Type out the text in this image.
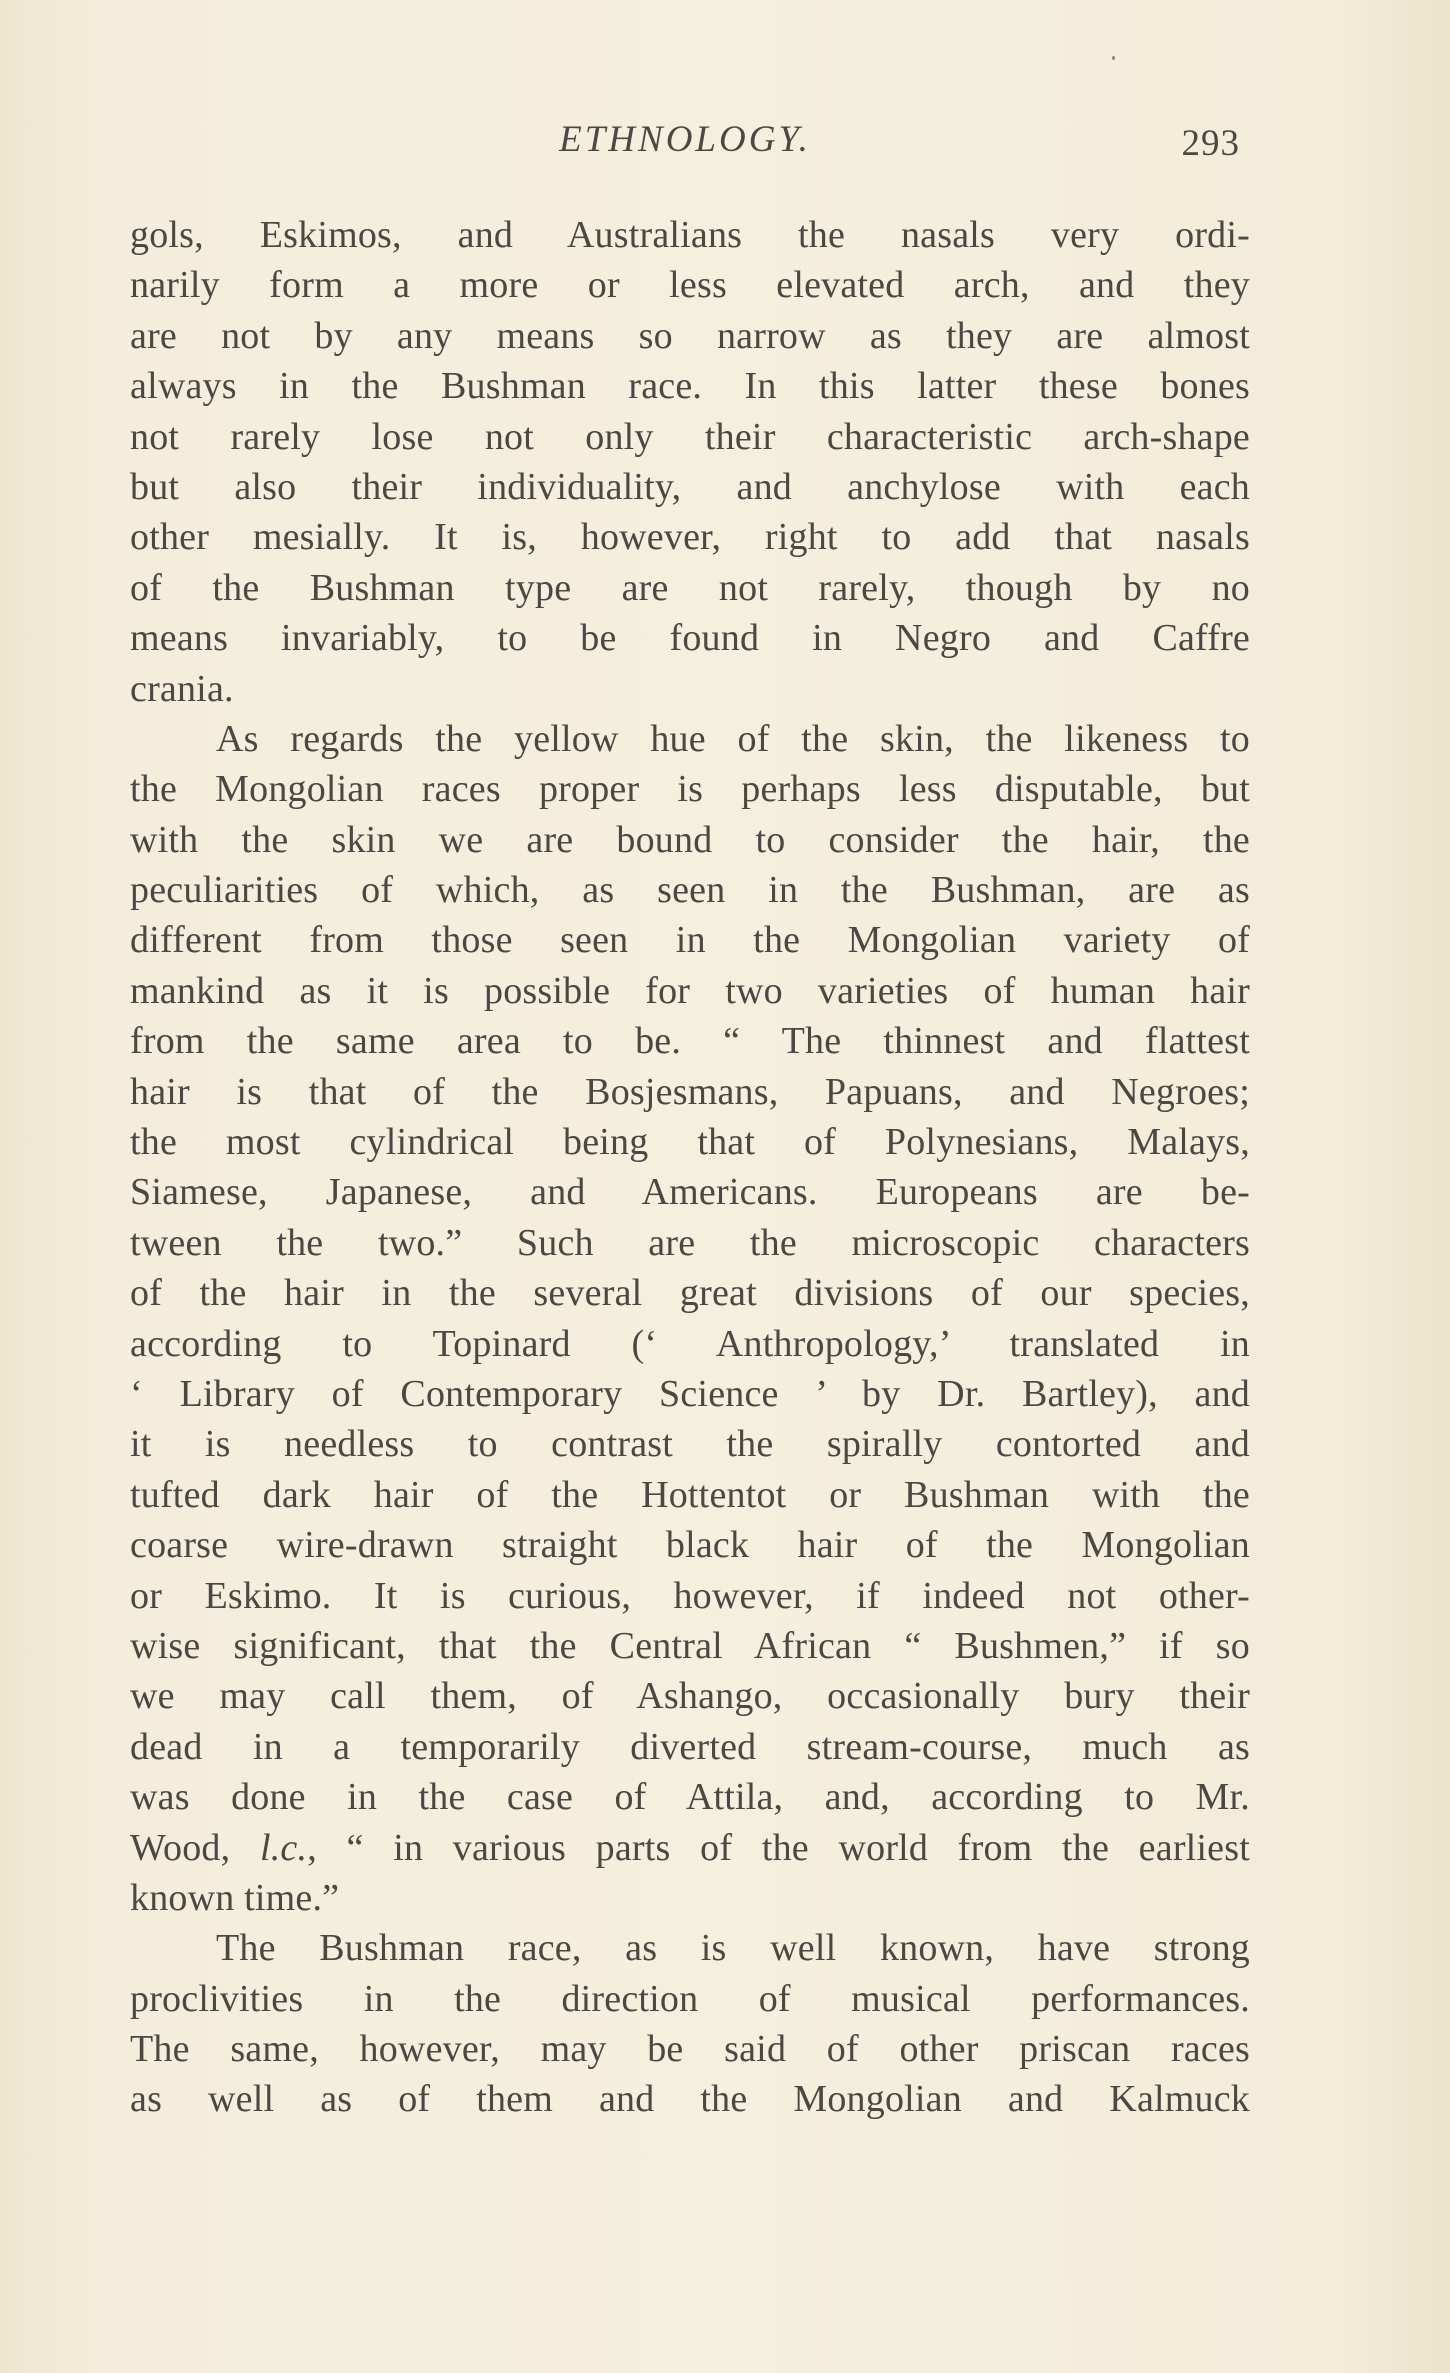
ETHNOLOGY.	293
gols, Eskimos, and Australians the nasals very ordi-
narily form a more or less elevated arch, and they
are not by any means so narrow as they are almost
always in the Bushman race. In this latter these bones
not rarely lose not only their characteristic arch-shape
but also their individuality, and anchylose with each
other mesially. It is, however, right to add that nasals
of the Bushman type are not rarely, though by no
means invariably, to be found in Negro and Caffre
crania.
As regards the yellow hue of the skin, the likeness to
the Mongolian races proper is perhaps less disputable, but
with the skin we are bound to consider the hair, the
peculiarities of which, as seen in the Bushman, are as
different from those seen in the Mongolian variety of
mankind as it is possible for two varieties of human hair
from the same area to be. “ The thinnest and flattest
hair is that of the Bosjesmans, Papuans, and Negroes;
the most cylindrical being that of Polynesians, Malays,
Siamese, Japanese, and Americans. Europeans are be-
tween the two.” Such are the microscopic characters
of the hair in the several great divisions of our species,
according to Topinard (‘ Anthropology,’ translated in
‘ Library of Contemporary Science ’ by Dr. Bartley), and
it is needless to contrast the spirally contorted and
tufted dark hair of the Hottentot or Bushman with the
coarse wire-drawn straight black hair of the Mongolian
or Eskimo. It is curious, however, if indeed not other-
wise significant, that the Central African “ Bushmen,” if so
we may call them, of Ashango, occasionally bury their
dead in a temporarily diverted stream-course, much as
was done in the case of Attila, and, according to Mr.
Wood, l.c., “ in various parts of the world from the earliest
known time.”
The Bushman race, as is well known, have strong
proclivities in the direction of musical performances.
The same, however, may be said of other priscan races
as well as of them and the Mongolian and Kalmuck
